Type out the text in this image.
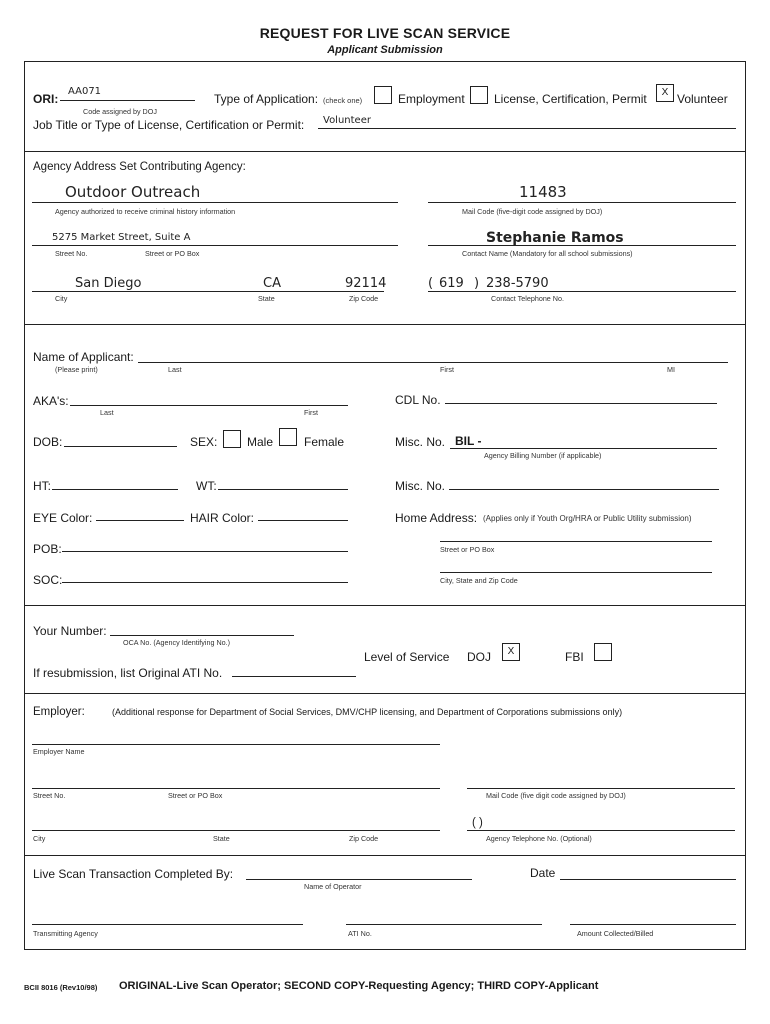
REQUEST FOR LIVE SCAN SERVICE
Applicant Submission
ORI:
AA071
Code assigned by DOJ
Type of Application: (check one)	Employment License, Certification, Permit	X Volunteer
Job Title or Type of License, Certification or Permit: Volunteer
Agency Address Set Contributing Agency:
Outdoor Outreach
Agency authorized to receive criminal history information
11483
Mail Code (five-digit code assigned by DOJ)
5275 Market Street, Suite A
Street No.	Street or PO Box
Stephanie Ramos
Contact Name (Mandatory for all school submissions)
San Diego	CA	92114
City	State	Zip Code
( 619 ) 238-5790
Contact Telephone No.
Name of Applicant:
(Please print)	Last	First	MI
AKA's:
Last	First
CDL No.
DOB:	SEX: Male	Female	Misc. No. BIL -
Agency Billing Number (if applicable)
HT:	WT:	Misc. No.
EYE Color:	HAIR Color:	Home Address: (Applies only if Youth Org/HRA or Public Utility submission)
POB:	Street or PO Box
SOC:	City, State and Zip Code
Your Number:
OCA No. (Agency Identifying No.)
Level of Service DOJ	X	FBI
If resubmission, list Original ATI No.
Employer:	(Additional response for Department of Social Services, DMV/CHP licensing, and Department of Corporations submissions only)
Employer Name
Street No.	Street or PO Box	Mail Code (five digit code assigned by DOJ)
( )
City	State	Zip Code	Agency Telephone No. (Optional)
Live Scan Transaction Completed By:
Name of Operator
Date
Transmitting Agency	ATI No.	Amount Collected/Billed
BCII 8016 (Rev10/98) ORIGINAL-Live Scan Operator; SECOND COPY-Requesting Agency; THIRD COPY-Applicant
